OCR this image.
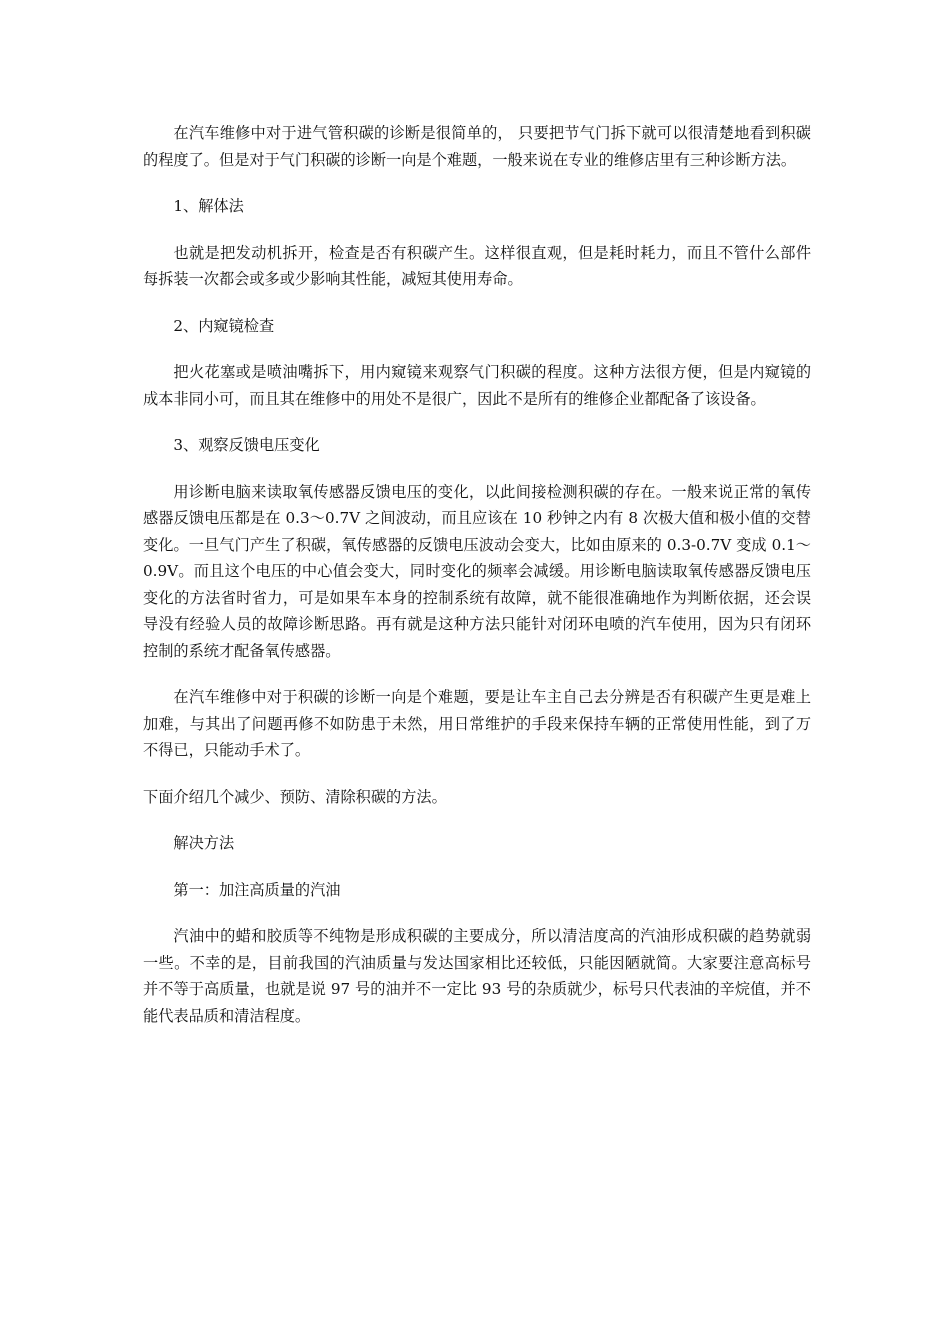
在汽车维修中对于进气管积碳的诊断是很简单的， 只要把节气门拆下就可以很清楚地看到积碳的程度了。但是对于气门积碳的诊断一向是个难题，一般来说在专业的维修店里有三种诊断方法。

1、解体法

也就是把发动机拆开，检查是否有积碳产生。这样很直观，但是耗时耗力，而且不管什么部件每拆装一次都会或多或少影响其性能，减短其使用寿命。

2、内窥镜检查

把火花塞或是喷油嘴拆下，用内窥镜来观察气门积碳的程度。这种方法很方便，但是内窥镜的成本非同小可，而且其在维修中的用处不是很广，因此不是所有的维修企业都配备了该设备。

3、观察反馈电压变化

用诊断电脑来读取氧传感器反馈电压的变化，以此间接检测积碳的存在。一般来说正常的氧传感器反馈电压都是在 0.3～0.7V 之间波动，而且应该在 10 秒钟之内有 8 次极大值和极小值的交替变化。一旦气门产生了积碳，氧传感器的反馈电压波动会变大，比如由原来的 0.3-0.7V 变成 0.1～0.9V。而且这个电压的中心值会变大，同时变化的频率会减缓。用诊断电脑读取氧传感器反馈电压变化的方法省时省力，可是如果车本身的控制系统有故障，就不能很准确地作为判断依据，还会误导没有经验人员的故障诊断思路。再有就是这种方法只能针对闭环电喷的汽车使用，因为只有闭环控制的系统才配备氧传感器。

在汽车维修中对于积碳的诊断一向是个难题，要是让车主自己去分辨是否有积碳产生更是难上加难，与其出了问题再修不如防患于未然，用日常维护的手段来保持车辆的正常使用性能，到了万不得已，只能动手术了。

下面介绍几个减少、预防、清除积碳的方法。

解决方法

第一：加注高质量的汽油

汽油中的蜡和胶质等不纯物是形成积碳的主要成分，所以清洁度高的汽油形成积碳的趋势就弱一些。不幸的是，目前我国的汽油质量与发达国家相比还较低，只能因陋就简。大家要注意高标号并不等于高质量，也就是说 97 号的油并不一定比 93 号的杂质就少，标号只代表油的辛烷值，并不能代表品质和清洁程度。
